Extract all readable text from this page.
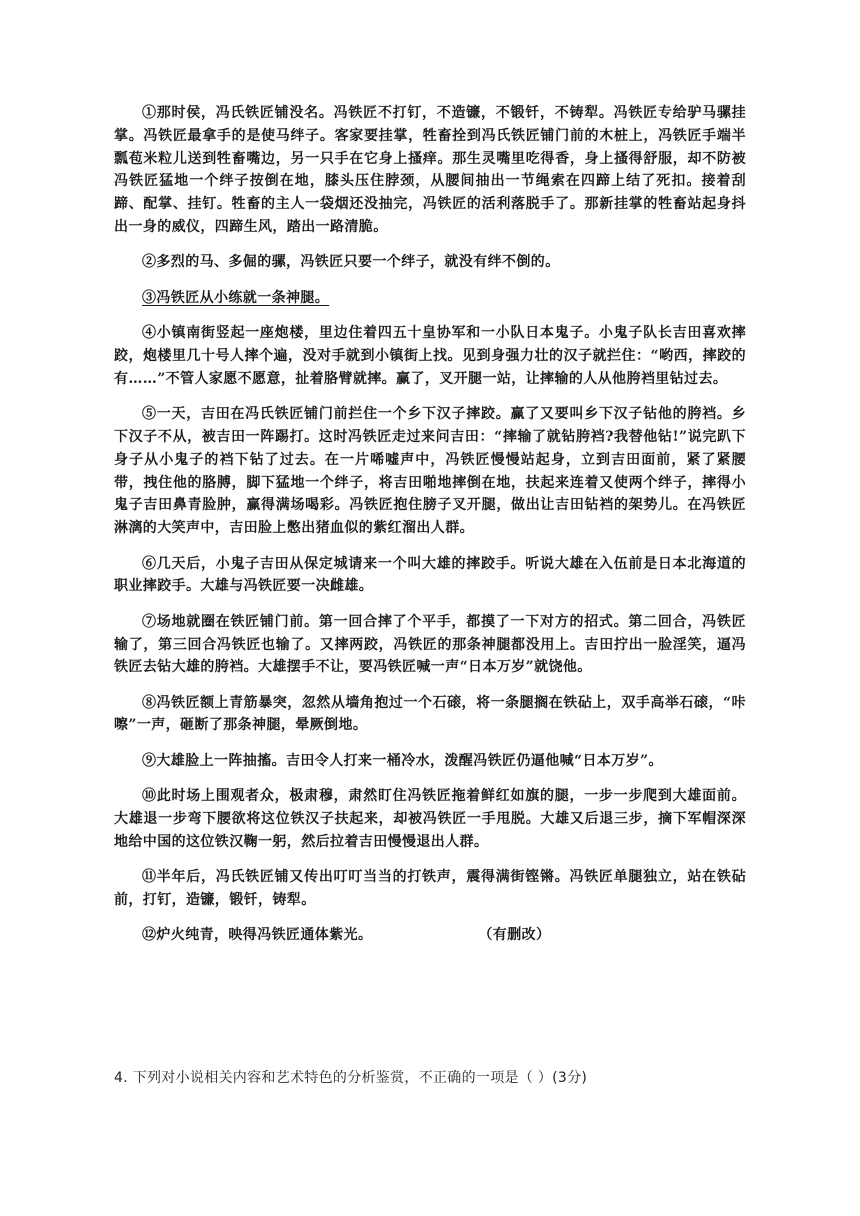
①那时侯，冯氏铁匠铺没名。冯铁匠不打钉，不造镰，不锻钎，不铸犁。冯铁匠专给驴马骡挂掌。冯铁匠最拿手的是使马绊子。客家要挂掌，牲畜拴到冯氏铁匠铺门前的木桩上，冯铁匠手端半瓢苞米粒儿送到牲畜嘴边，另一只手在它身上搔痒。那生灵嘴里吃得香，身上搔得舒服，却不防被冯铁匠猛地一个绊子按倒在地，膝头压住脖颈，从腰间抽出一节绳索在四蹄上结了死扣。接着刮蹄、配掌、挂钉。牲畜的主人一袋烟还没抽完，冯铁匠的活利落脱手了。那新挂掌的牲畜站起身抖出一身的威仪，四蹄生风，踏出一路清脆。

②多烈的马、多倔的骡，冯铁匠只要一个绊子，就没有绊不倒的。

③冯铁匠从小练就一条神腿。

④小镇南街竖起一座炮楼，里边住着四五十皇协军和一小队日本鬼子。小鬼子队长吉田喜欢摔跤，炮楼里几十号人摔个遍，没对手就到小镇街上找。见到身强力壮的汉子就拦住：“哟西，摔跤的有……”不管人家愿不愿意，扯着胳臂就摔。赢了，叉开腿一站，让摔输的人从他胯裆里钻过去。

⑤一天，吉田在冯氏铁匠铺门前拦住一个乡下汉子摔跤。赢了又要叫乡下汉子钻他的胯裆。乡下汉子不从，被吉田一阵踢打。这时冯铁匠走过来问吉田：“摔输了就钻胯裆?我替他钻!”说完趴下身子从小鬼子的裆下钻了过去。在一片唏嘘声中，冯铁匠慢慢站起身，立到吉田面前，紧了紧腰带，拽住他的胳膊，脚下猛地一个绊子，将吉田啪地摔倒在地，扶起来连着又使两个绊子，摔得小鬼子吉田鼻青脸肿，赢得满场喝彩。冯铁匠抱住膀子叉开腿，做出让吉田钻裆的架势儿。在冯铁匠淋漓的大笑声中，吉田脸上憋出猪血似的紫红溜出人群。

⑥几天后，小鬼子吉田从保定城请来一个叫大雄的摔跤手。听说大雄在入伍前是日本北海道的职业摔跤手。大雄与冯铁匠要一决雌雄。

⑦场地就圈在铁匠铺门前。第一回合摔了个平手，都摸了一下对方的招式。第二回合，冯铁匠输了，第三回合冯铁匠也输了。又摔两跤，冯铁匠的那条神腿都没用上。吉田拧出一脸淫笑，逼冯铁匠去钻大雄的胯裆。大雄摆手不让，要冯铁匠喊一声“日本万岁”就饶他。

⑧冯铁匠额上青筋暴突，忽然从墙角抱过一个石磙，将一条腿搁在铁砧上，双手高举石磙，“咔嚓”一声，砸断了那条神腿，晕厥倒地。

⑨大雄脸上一阵抽搐。吉田令人打来一桶冷水，泼醒冯铁匠仍逼他喊“日本万岁”。

⑩此时场上围观者众，极肃穆，肃然盯住冯铁匠拖着鲜红如旗的腿，一步一步爬到大雄面前。大雄退一步弯下腰欲将这位铁汉子扶起来，却被冯铁匠一手甩脱。大雄又后退三步，摘下军帽深深地给中国的这位铁汉鞠一躬，然后拉着吉田慢慢退出人群。

⑪半年后，冯氏铁匠铺又传出叮叮当当的打铁声，震得满街铿锵。冯铁匠单腿独立，站在铁砧前，打钉，造镰，锻钎，铸犁。

⑫炉火纯青，映得冯铁匠通体紫光。	（有删改）

4. 下列对小说相关内容和艺术特色的分析鉴赏，不正确的一项是（ ）(3分)
